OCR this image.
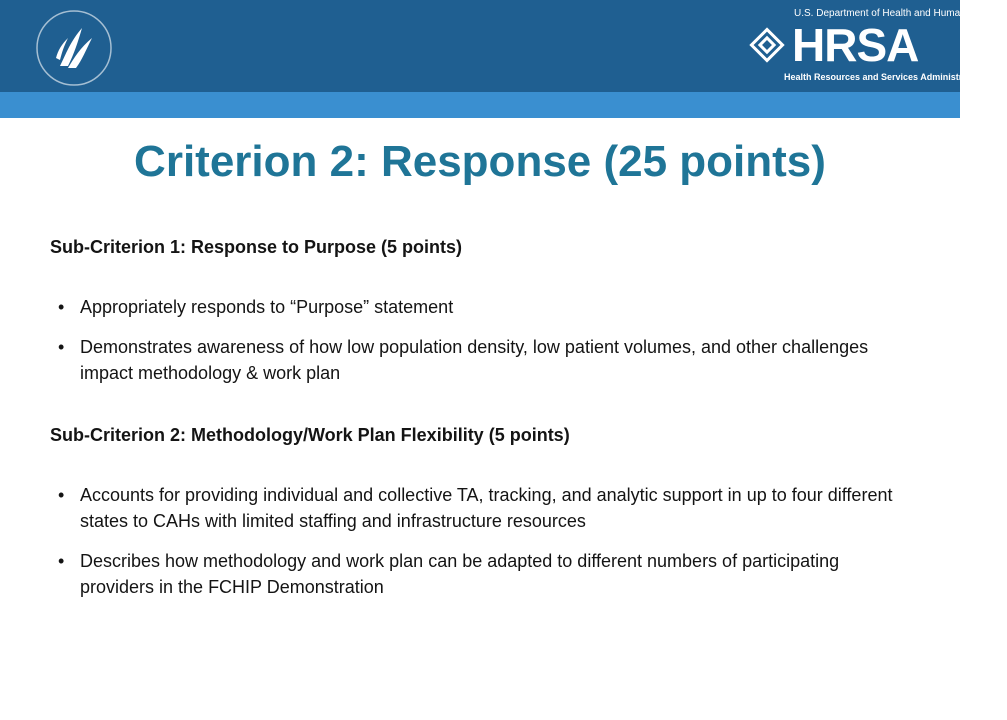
U.S. Department of Health and Human Services
HRSA
Health Resources and Services Administration
Criterion 2: Response (25 points)

Sub-Criterion 1: Response to Purpose (5 points)

• Appropriately responds to “Purpose” statement
• Demonstrates awareness of how low population density, low patient volumes, and other challenges impact methodology & work plan

Sub-Criterion 2: Methodology/Work Plan Flexibility (5 points)

• Accounts for providing individual and collective TA, tracking, and analytic support in up to four different states to CAHs with limited staffing and infrastructure resources
• Describes how methodology and work plan can be adapted to different numbers of participating providers in the FCHIP Demonstration
